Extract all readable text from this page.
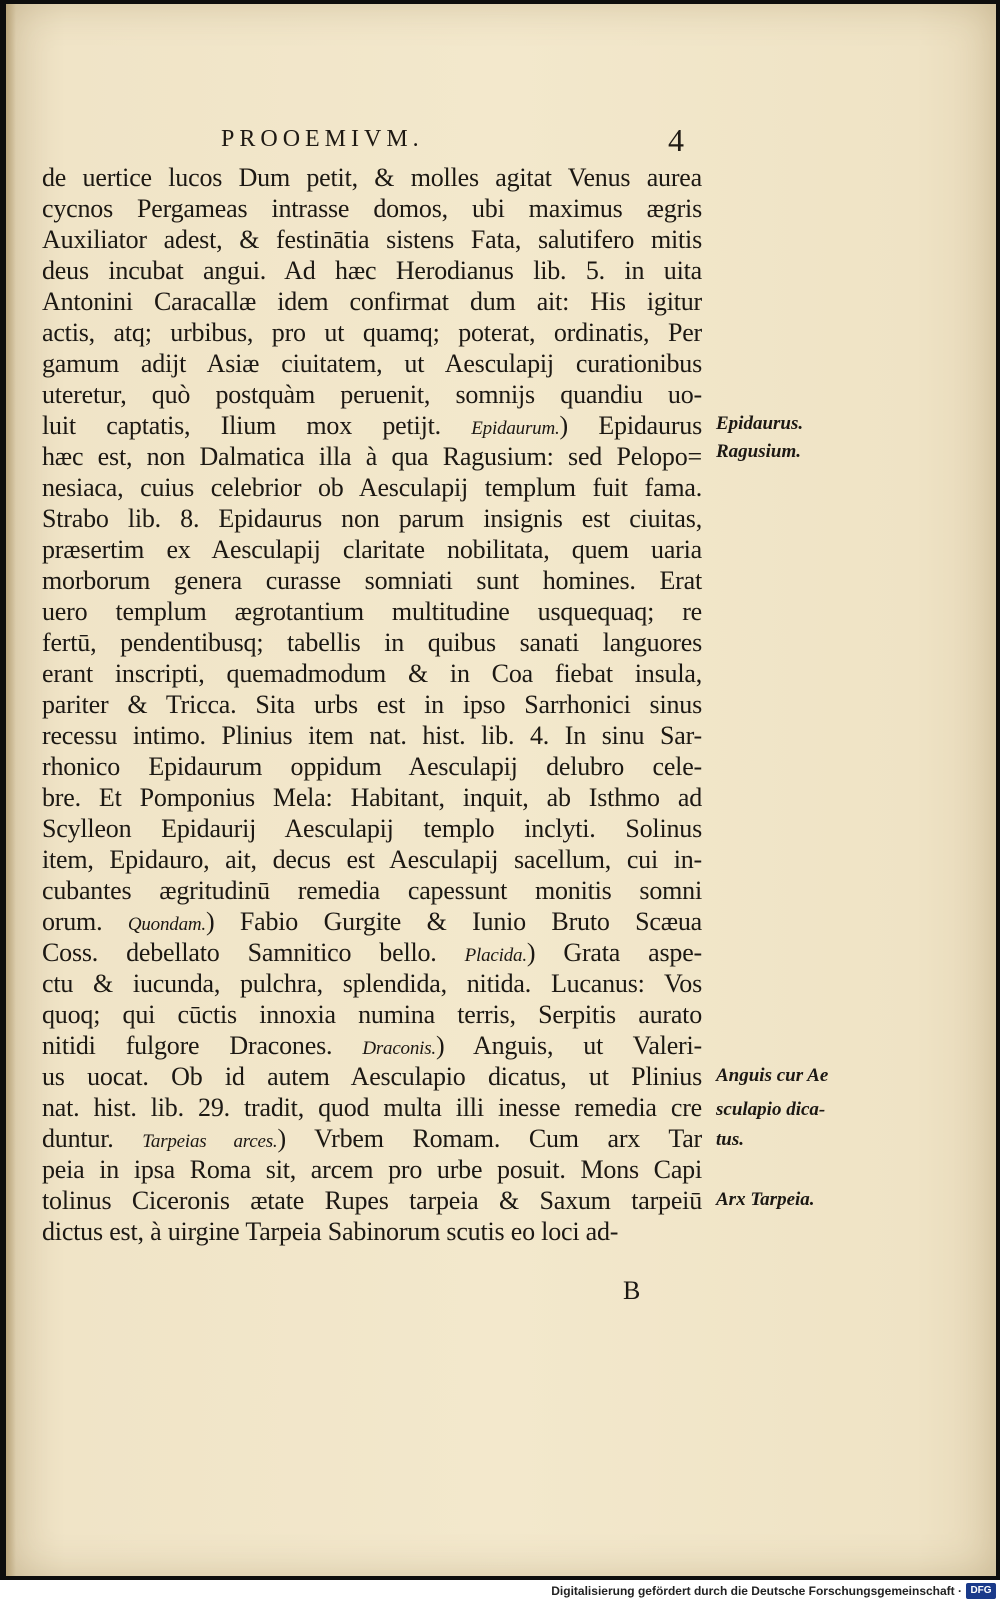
PROOEMIVM.	4
de uertice lucos Dum petit, & molles agitat Venus aurea
cycnos Pergameas intrasse domos, ubi maximus ægris
Auxiliator adest, & festinātia sistens Fata, salutifero mitis
deus incubat angui. Ad hæc Herodianus lib. 5. in uita
Antonini Caracallæ idem confirmat dum ait: His igitur
actis, atq; urbibus, pro ut quamq; poterat, ordinatis, Per
gamum adijt Asiæ ciuitatem, ut Aesculapij curationibus
uteretur, quò postquàm peruenit, somnijs quandiu uo-
luit captatis, Ilium mox petijt. Epidaurum.) Epidaurus
hæc est, non Dalmatica illa à qua Ragusium: sed Pelopo=
nesiaca, cuius celebrior ob Aesculapij templum fuit fama.
Strabo lib. 8. Epidaurus non parum insignis est ciuitas,
præsertim ex Aesculapij claritate nobilitata, quem uaria
morborum genera curasse somniati sunt homines. Erat
uero templum ægrotantium multitudine usquequaq; re
fertū, pendentibusq; tabellis in quibus sanati languores
erant inscripti, quemadmodum & in Coa fiebat insula,
pariter & Tricca. Sita urbs est in ipso Sarrhonici sinus
recessu intimo. Plinius item nat. hist. lib. 4. In sinu Sar-
rhonico Epidaurum oppidum Aesculapij delubro cele-
bre. Et Pomponius Mela: Habitant, inquit, ab Isthmo ad
Scylleon Epidaurij Aesculapij templo inclyti. Solinus
item, Epidauro, ait, decus est Aesculapij sacellum, cui in-
cubantes ægritudinū remedia capessunt monitis somni
orum. Quondam.) Fabio Gurgite & Iunio Bruto Scæua
Coss. debellato Samnitico bello. Placida.) Grata aspe-
ctu & iucunda, pulchra, splendida, nitida. Lucanus: Vos
quoq; qui cūctis innoxia numina terris, Serpitis aurato
nitidi fulgore Dracones. Draconis.) Anguis, ut Valeri-
us uocat. Ob id autem Aesculapio dicatus, ut Plinius
nat. hist. lib. 29. tradit, quod multa illi inesse remedia cre
duntur. Tarpeias arces.) Vrbem Romam. Cum arx Tar
peia in ipsa Roma sit, arcem pro urbe posuit. Mons Capi
tolinus Ciceronis ætate Rupes tarpeia & Saxum tarpeiū
dictus est, à uirgine Tarpeia Sabinorum scutis eo loci ad-
Epidaurus.
Ragusium.
Anguis cur Ae
sculapio dica-
tus.
Arx Tarpeia.
B
Digitalisierung gefördert durch die Deutsche Forschungsgemeinschaft · DFG
